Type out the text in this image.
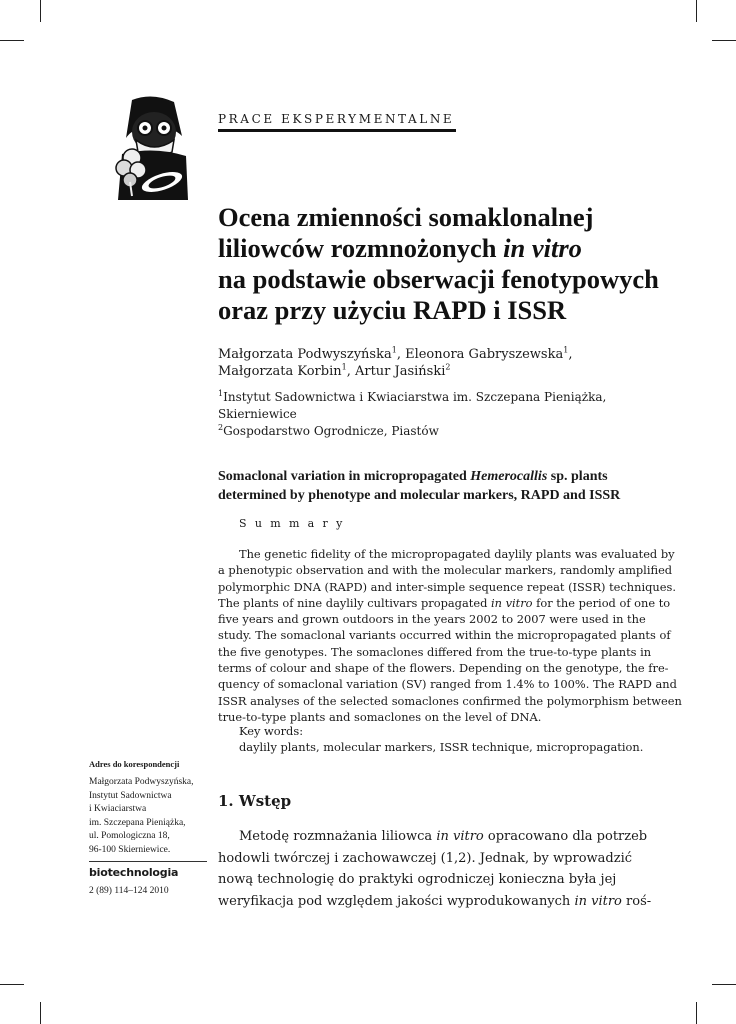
PRACE EKSPERYMENTALNE
Ocena zmienności somaklonalnej
liliowców rozmnożonych in vitro
na podstawie obserwacji fenotypowych
oraz przy użyciu RAPD i ISSR
Małgorzata Podwyszyńska$^1$, Eleonora Gabryszewska$^1$,
Małgorzata Korbin$^1$, Artur Jasiński$^2$
$^1$Instytut Sadownictwa i Kwiaciarstwa im. Szczepana Pieniążka,
Skierniewice
$^2$Gospodarstwo Ogrodnicze, Piastów
Somaclonal variation in micropropagated Hemerocallis sp. plants
determined by phenotype and molecular markers, RAPD and ISSR
S u m m a r y
The genetic fidelity of the micropropagated daylily plants was evaluated by
a phenotypic observation and with the molecular markers, randomly amplified
polymorphic DNA (RAPD) and inter-simple sequence repeat (ISSR) techniques.
The plants of nine daylily cultivars propagated in vitro for the period of one to
five years and grown outdoors in the years 2002 to 2007 were used in the
study. The somaclonal variants occurred within the micropropagated plants of
the five genotypes. The somaclones differed from the true-to-type plants in
terms of colour and shape of the flowers. Depending on the genotype, the fre-
quency of somaclonal variation (SV) ranged from 1.4% to 100%. The RAPD and
ISSR analyses of the selected somaclones confirmed the polymorphism between
true-to-type plants and somaclones on the level of DNA.
Key words:
daylily plants, molecular markers, ISSR technique, micropropagation.
Adres do korespondencji
Małgorzata Podwyszyńska,
Instytut Sadownictwa
i Kwiaciarstwa
im. Szczepana Pieniążka,
ul. Pomologiczna 18,
96-100 Skierniewice.
biotechnologia
2 (89) 114–124 2010
1. Wstęp
Metodę rozmnażania liliowca in vitro opracowano dla potrzeb
hodowli twórczej i zachowawczej (1,2). Jednak, by wprowadzić
nową technologię do praktyki ogrodniczej konieczna była jej
weryfikacja pod względem jakości wyprodukowanych in vitro roś-
